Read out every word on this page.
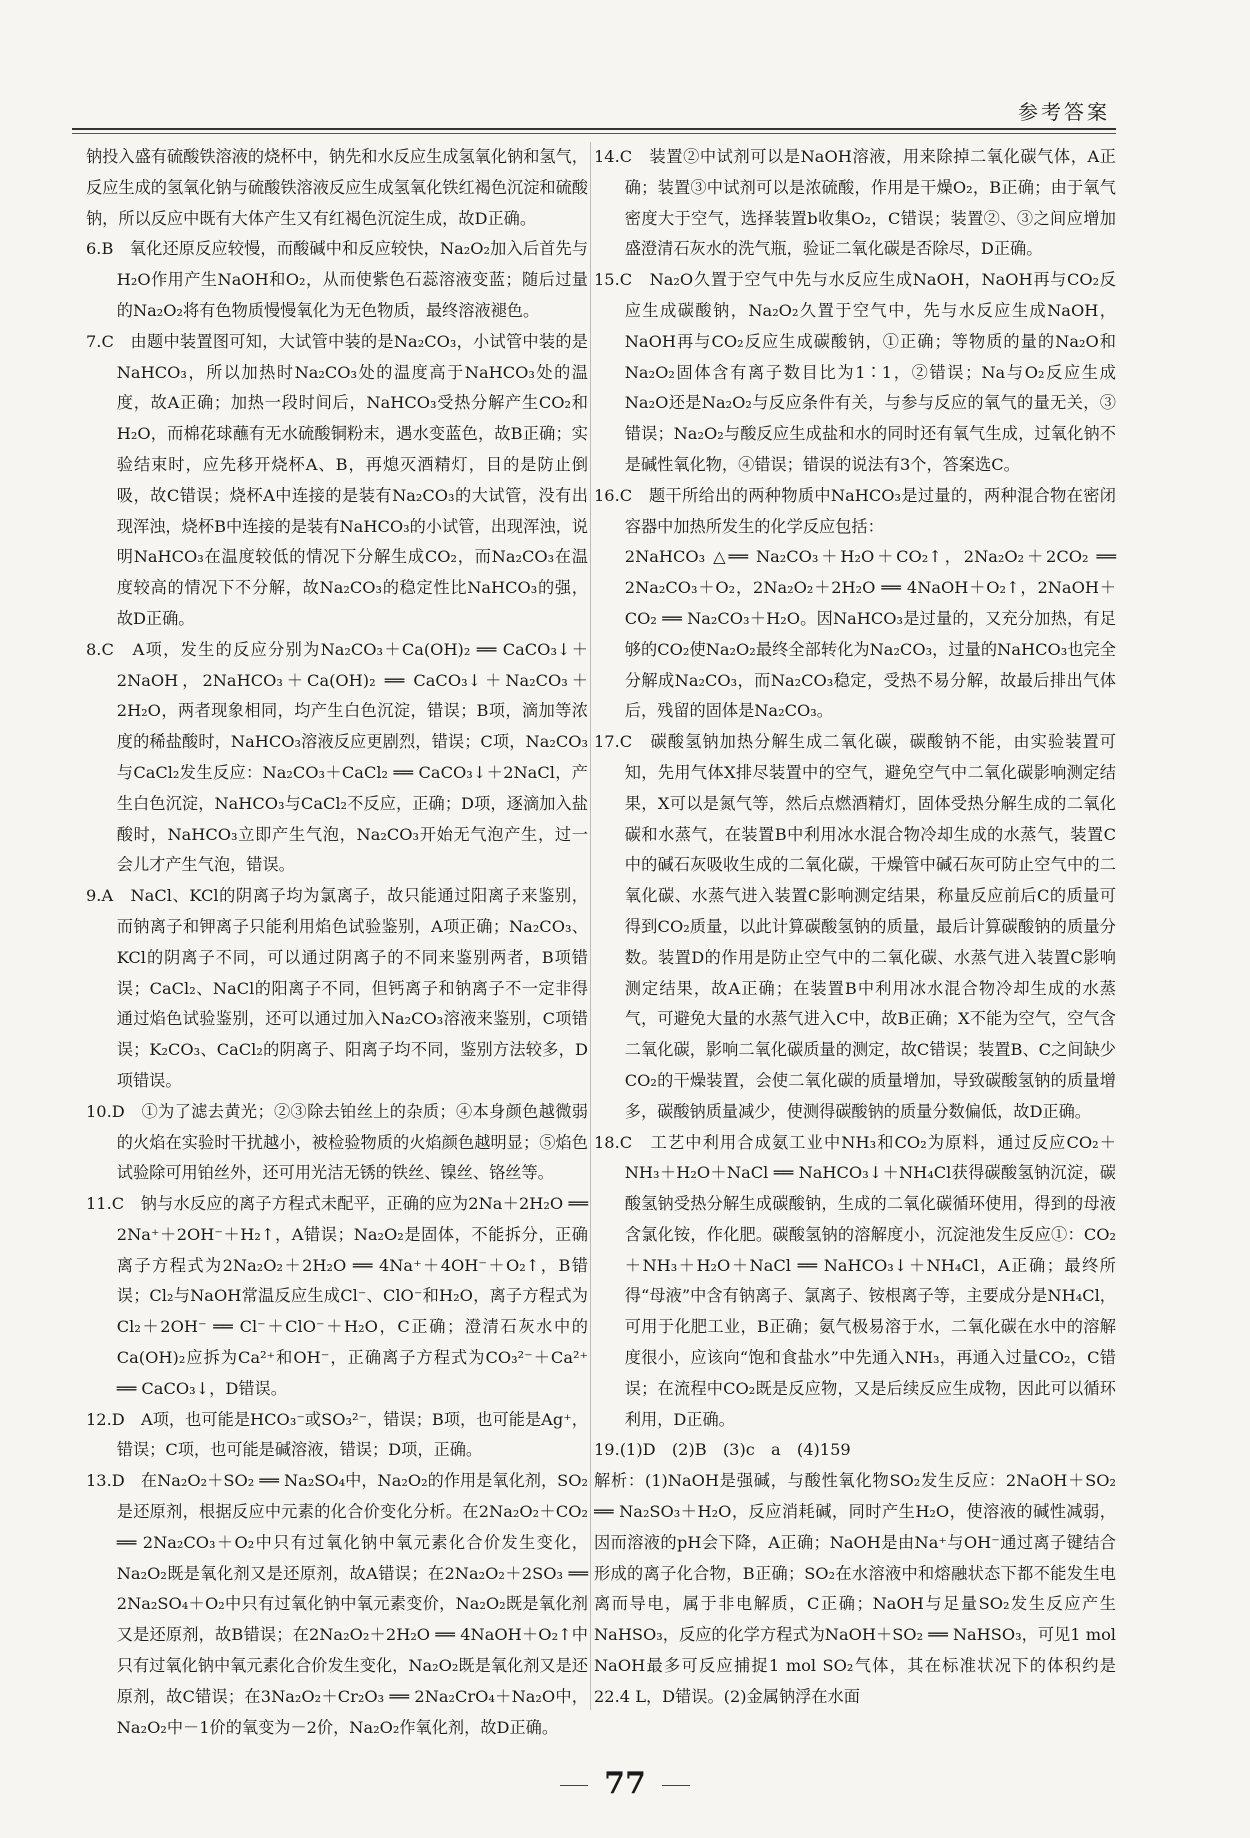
参考答案

钠投入盛有硫酸铁溶液的烧杯中，钠先和水反应生成氢氧化钠和氢气，反应生成的氢氧化钠与硫酸铁溶液反应生成氢氧化铁红褐色沉淀和硫酸钠，所以反应中既有大体产生又有红褐色沉淀生成，故D正确。

6.B　氧化还原反应较慢，而酸碱中和反应较快，Na₂O₂加入后首先与H₂O作用产生NaOH和O₂，从而使紫色石蕊溶液变蓝；随后过量的Na₂O₂将有色物质慢慢氧化为无色物质，最终溶液褪色。

7.C　由题中装置图可知，大试管中装的是Na₂CO₃，小试管中装的是NaHCO₃，所以加热时Na₂CO₃处的温度高于NaHCO₃处的温度，故A正确；加热一段时间后，NaHCO₃受热分解产生CO₂和H₂O，而棉花球蘸有无水硫酸铜粉末，遇水变蓝色，故B正确；实验结束时，应先移开烧杯A、B，再熄灭酒精灯，目的是防止倒吸，故C错误；烧杯A中连接的是装有Na₂CO₃的大试管，没有出现浑浊，烧杯B中连接的是装有NaHCO₃的小试管，出现浑浊，说明NaHCO₃在温度较低的情况下分解生成CO₂，而Na₂CO₃在温度较高的情况下不分解，故Na₂CO₃的稳定性比NaHCO₃的强，故D正确。

8.C　A项，发生的反应分别为Na₂CO₃＋Ca(OH)₂ ══ CaCO₃↓＋2NaOH，2NaHCO₃＋Ca(OH)₂ ══ CaCO₃↓＋Na₂CO₃＋2H₂O，两者现象相同，均产生白色沉淀，错误；B项，滴加等浓度的稀盐酸时，NaHCO₃溶液反应更剧烈，错误；C项，Na₂CO₃与CaCl₂发生反应：Na₂CO₃＋CaCl₂ ══ CaCO₃↓＋2NaCl，产生白色沉淀，NaHCO₃与CaCl₂不反应，正确；D项，逐滴加入盐酸时，NaHCO₃立即产生气泡，Na₂CO₃开始无气泡产生，过一会儿才产生气泡，错误。

9.A　NaCl、KCl的阴离子均为氯离子，故只能通过阳离子来鉴别，而钠离子和钾离子只能利用焰色试验鉴别，A项正确；Na₂CO₃、KCl的阴离子不同，可以通过阴离子的不同来鉴别两者，B项错误；CaCl₂、NaCl的阳离子不同，但钙离子和钠离子不一定非得通过焰色试验鉴别，还可以通过加入Na₂CO₃溶液来鉴别，C项错误；K₂CO₃、CaCl₂的阴离子、阳离子均不同，鉴别方法较多，D项错误。

10.D　①为了滤去黄光；②③除去铂丝上的杂质；④本身颜色越微弱的火焰在实验时干扰越小，被检验物质的火焰颜色越明显；⑤焰色试验除可用铂丝外，还可用光洁无锈的铁丝、镍丝、铬丝等。

11.C　钠与水反应的离子方程式未配平，正确的应为2Na＋2H₂O ══ 2Na⁺＋2OH⁻＋H₂↑，A错误；Na₂O₂是固体，不能拆分，正确离子方程式为2Na₂O₂＋2H₂O ══ 4Na⁺＋4OH⁻＋O₂↑，B错误；Cl₂与NaOH常温反应生成Cl⁻、ClO⁻和H₂O，离子方程式为Cl₂＋2OH⁻ ══ Cl⁻＋ClO⁻＋H₂O，C正确；澄清石灰水中的Ca(OH)₂应拆为Ca²⁺和OH⁻，正确离子方程式为CO₃²⁻＋Ca²⁺ ══ CaCO₃↓，D错误。

12.D　A项，也可能是HCO₃⁻或SO₃²⁻，错误；B项，也可能是Ag⁺，错误；C项，也可能是碱溶液，错误；D项，正确。

13.D　在Na₂O₂＋SO₂ ══ Na₂SO₄中，Na₂O₂的作用是氧化剂，SO₂是还原剂，根据反应中元素的化合价变化分析。在2Na₂O₂＋CO₂ ══ 2Na₂CO₃＋O₂中只有过氧化钠中氧元素化合价发生变化，Na₂O₂既是氧化剂又是还原剂，故A错误；在2Na₂O₂＋2SO₃ ══ 2Na₂SO₄＋O₂中只有过氧化钠中氧元素变价，Na₂O₂既是氧化剂又是还原剂，故B错误；在2Na₂O₂＋2H₂O ══ 4NaOH＋O₂↑中只有过氧化钠中氧元素化合价发生变化，Na₂O₂既是氧化剂又是还原剂，故C错误；在3Na₂O₂＋Cr₂O₃ ══ 2Na₂CrO₄＋Na₂O中，Na₂O₂中－1价的氧变为－2价，Na₂O₂作氧化剂，故D正确。

14.C　装置②中试剂可以是NaOH溶液，用来除掉二氧化碳气体，A正确；装置③中试剂可以是浓硫酸，作用是干燥O₂，B正确；由于氧气密度大于空气，选择装置b收集O₂，C错误；装置②、③之间应增加盛澄清石灰水的洗气瓶，验证二氧化碳是否除尽，D正确。

15.C　Na₂O久置于空气中先与水反应生成NaOH，NaOH再与CO₂反应生成碳酸钠，Na₂O₂久置于空气中，先与水反应生成NaOH，NaOH再与CO₂反应生成碳酸钠，①正确；等物质的量的Na₂O和Na₂O₂固体含有离子数目比为1∶1，②错误；Na与O₂反应生成Na₂O还是Na₂O₂与反应条件有关，与参与反应的氧气的量无关，③错误；Na₂O₂与酸反应生成盐和水的同时还有氧气生成，过氧化钠不是碱性氧化物，④错误；错误的说法有3个，答案选C。

16.C　题干所给出的两种物质中NaHCO₃是过量的，两种混合物在密闭容器中加热所发生的化学反应包括：

2NaHCO₃ △══ Na₂CO₃＋H₂O＋CO₂↑，2Na₂O₂＋2CO₂ ══ 2Na₂CO₃＋O₂，2Na₂O₂＋2H₂O ══ 4NaOH＋O₂↑，2NaOH＋CO₂ ══ Na₂CO₃＋H₂O。因NaHCO₃是过量的，又充分加热，有足够的CO₂使Na₂O₂最终全部转化为Na₂CO₃，过量的NaHCO₃也完全分解成Na₂CO₃，而Na₂CO₃稳定，受热不易分解，故最后排出气体后，残留的固体是Na₂CO₃。

17.C　碳酸氢钠加热分解生成二氧化碳，碳酸钠不能，由实验装置可知，先用气体X排尽装置中的空气，避免空气中二氧化碳影响测定结果，X可以是氮气等，然后点燃酒精灯，固体受热分解生成的二氧化碳和水蒸气，在装置B中利用冰水混合物冷却生成的水蒸气，装置C中的碱石灰吸收生成的二氧化碳，干燥管中碱石灰可防止空气中的二氧化碳、水蒸气进入装置C影响测定结果，称量反应前后C的质量可得到CO₂质量，以此计算碳酸氢钠的质量，最后计算碳酸钠的质量分数。装置D的作用是防止空气中的二氧化碳、水蒸气进入装置C影响测定结果，故A正确；在装置B中利用冰水混合物冷却生成的水蒸气，可避免大量的水蒸气进入C中，故B正确；X不能为空气，空气含二氧化碳，影响二氧化碳质量的测定，故C错误；装置B、C之间缺少CO₂的干燥装置，会使二氧化碳的质量增加，导致碳酸氢钠的质量增多，碳酸钠质量减少，使测得碳酸钠的质量分数偏低，故D正确。

18.C　工艺中利用合成氨工业中NH₃和CO₂为原料，通过反应CO₂＋NH₃＋H₂O＋NaCl ══ NaHCO₃↓＋NH₄Cl获得碳酸氢钠沉淀，碳酸氢钠受热分解生成碳酸钠，生成的二氧化碳循环使用，得到的母液含氯化铵，作化肥。碳酸氢钠的溶解度小，沉淀池发生反应①：CO₂＋NH₃＋H₂O＋NaCl ══ NaHCO₃↓＋NH₄Cl，A正确；最终所得“母液”中含有钠离子、氯离子、铵根离子等，主要成分是NH₄Cl，可用于化肥工业，B正确；氨气极易溶于水，二氧化碳在水中的溶解度很小，应该向“饱和食盐水”中先通入NH₃，再通入过量CO₂，C错误；在流程中CO₂既是反应物，又是后续反应生成物，因此可以循环利用，D正确。

19.(1)D　(2)B　(3)c　a　(4)159

解析：(1)NaOH是强碱，与酸性氧化物SO₂发生反应：2NaOH＋SO₂ ══ Na₂SO₃＋H₂O，反应消耗碱，同时产生H₂O，使溶液的碱性减弱，因而溶液的pH会下降，A正确；NaOH是由Na⁺与OH⁻通过离子键结合形成的离子化合物，B正确；SO₂在水溶液中和熔融状态下都不能发生电离而导电，属于非电解质，C正确；NaOH与足量SO₂发生反应产生NaHSO₃，反应的化学方程式为NaOH＋SO₂ ══ NaHSO₃，可见1 mol NaOH最多可反应捕捉1 mol SO₂气体，其在标准状况下的体积约是22.4 L，D错误。(2)金属钠浮在水面

77
